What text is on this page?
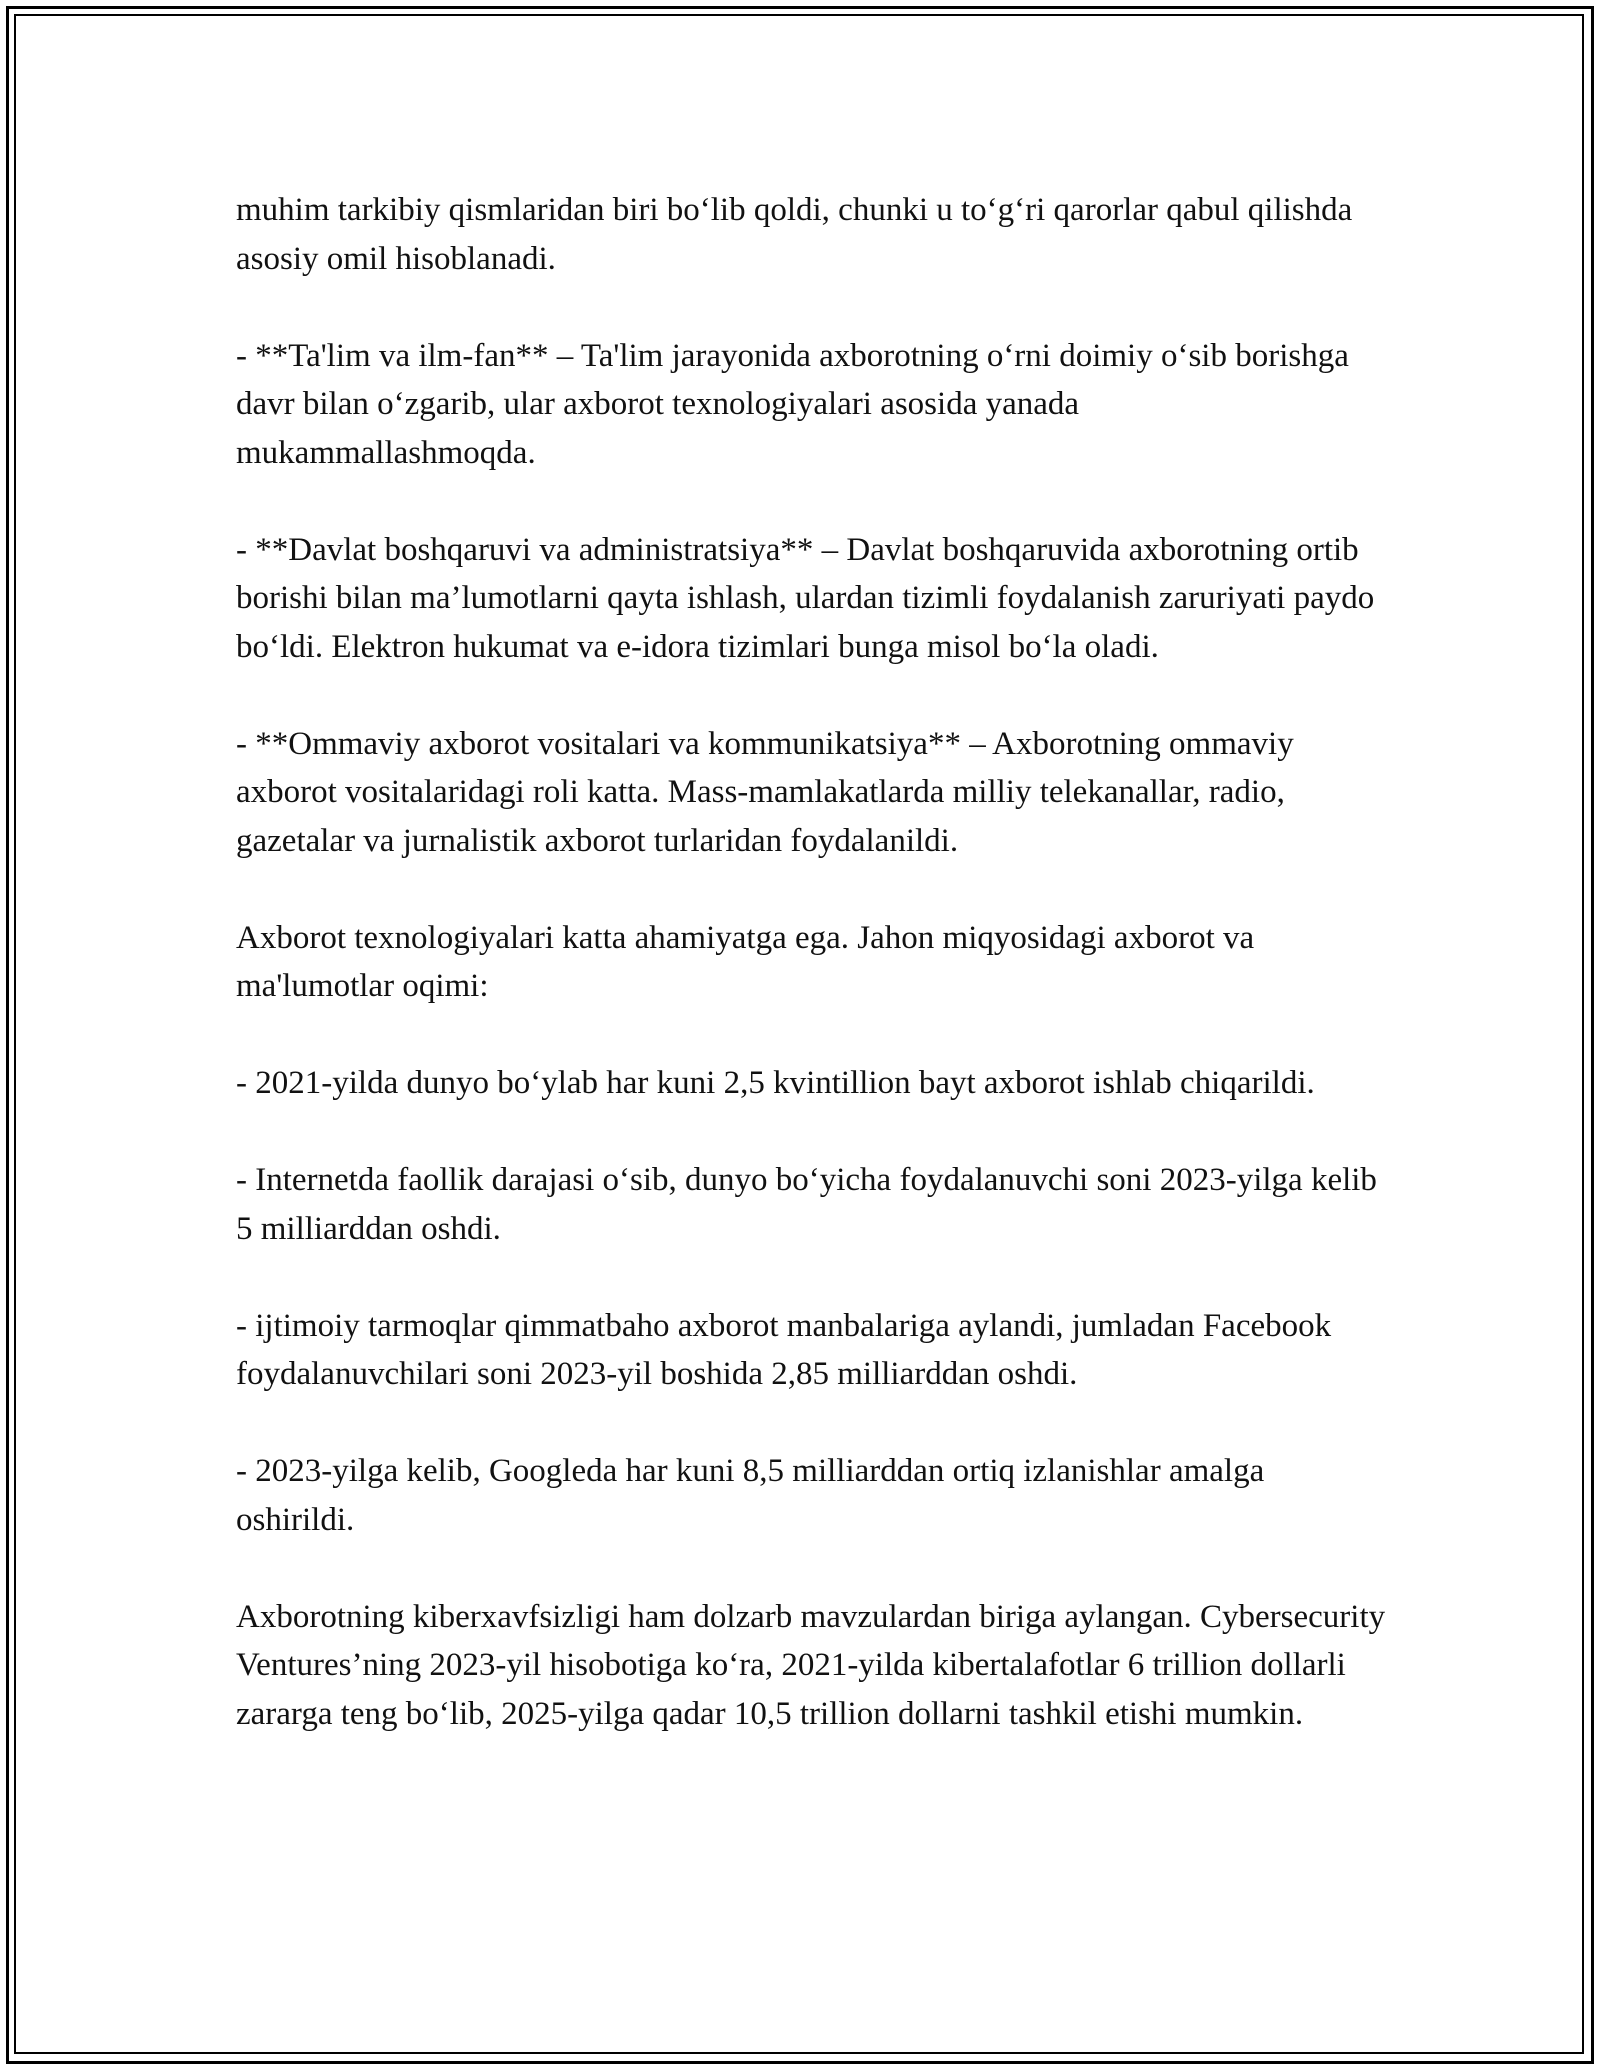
muhim tarkibiy qismlaridan biri bo‘lib qoldi, chunki u to‘g‘ri qarorlar qabul qilishda asosiy omil hisoblanadi.

- **Ta'lim va ilm-fan** – Ta'lim jarayonida axborotning o‘rni doimiy o‘sib borishga davr bilan o‘zgarib, ular axborot texnologiyalari asosida yanada mukammallashmoqda.

- **Davlat boshqaruvi va administratsiya** – Davlat boshqaruvida axborotning ortib borishi bilan ma’lumotlarni qayta ishlash, ulardan tizimli foydalanish zaruriyati paydo bo‘ldi. Elektron hukumat va e-idora tizimlari bunga misol bo‘la oladi.

- **Ommaviy axborot vositalari va kommunikatsiya** – Axborotning ommaviy axborot vositalaridagi roli katta. Mass-mamlakatlarda milliy telekanallar, radio, gazetalar va jurnalistik axborot turlaridan foydalanildi.

Axborot texnologiyalari katta ahamiyatga ega. Jahon miqyosidagi axborot va ma'lumotlar oqimi:

- 2021-yilda dunyo bo‘ylab har kuni 2,5 kvintillion bayt axborot ishlab chiqarildi.

- Internetda faollik darajasi o‘sib, dunyo bo‘yicha foydalanuvchi soni 2023-yilga kelib 5 milliarddan oshdi.

- ijtimoiy tarmoqlar qimmatbaho axborot manbalariga aylandi, jumladan Facebook foydalanuvchilari soni 2023-yil boshida 2,85 milliarddan oshdi.

- 2023-yilga kelib, Googleda har kuni 8,5 milliarddan ortiq izlanishlar amalga oshirildi.

Axborotning kiberxavfsizligi ham dolzarb mavzulardan biriga aylangan. Cybersecurity Ventures’ning 2023-yil hisobotiga ko‘ra, 2021-yilda kibertalafotlar 6 trillion dollarli zararga teng bo‘lib, 2025-yilga qadar 10,5 trillion dollarni tashkil etishi mumkin.
